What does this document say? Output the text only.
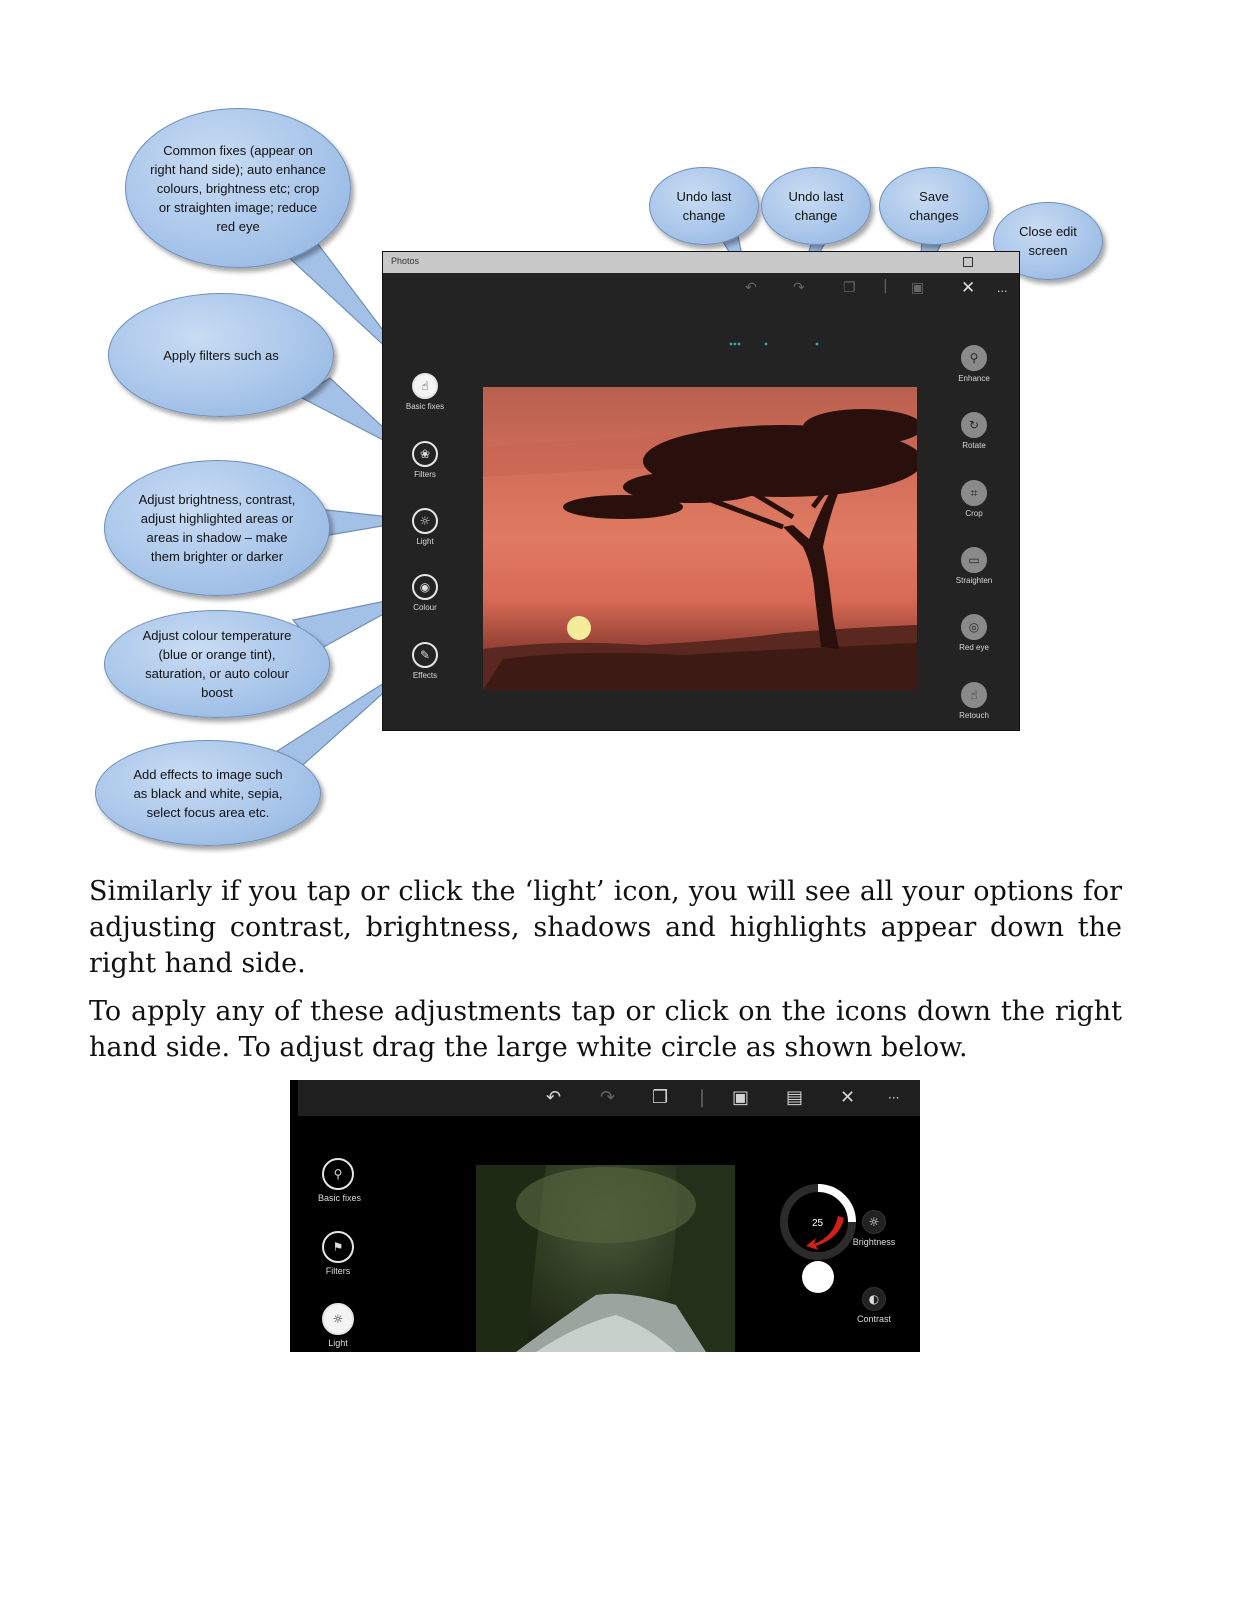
Common fixes (appear on right hand side); auto enhance colours, brightness etc; crop or straighten image; reduce red eye
Apply filters such as
Adjust brightness, contrast, adjust highlighted areas or areas in shadow – make them brighter or darker
Adjust colour temperature (blue or orange tint), saturation, or auto colour boost
Add effects to image such as black and white, sepia, select focus area etc.
Undo last change
Undo last change
Save changes
Close edit screen
Photos
↶	↷	❐ | ▣ ✕ ...
☝
Basic fixes
❀
Filters
☼
Light
◉
Colour
✎
Effects
⚲
Enhance
↻
Rotate
⌗
Crop
▭
Straighten
◎
Red eye
☝
Retouch

Similarly if you tap or click the ‘light’ icon, you will see all your options for adjusting contrast, brightness, shadows and highlights appear down the right hand side.

To apply any of these adjustments tap or click on the icons down the right hand side. To adjust drag the large white circle as shown below.

↶ ↷ ❐ | ▣ ▤ ✕	···
⚲
Basic fixes
⚑
Filters
☼
Light
25	☼
Brightness
◐
Contrast
